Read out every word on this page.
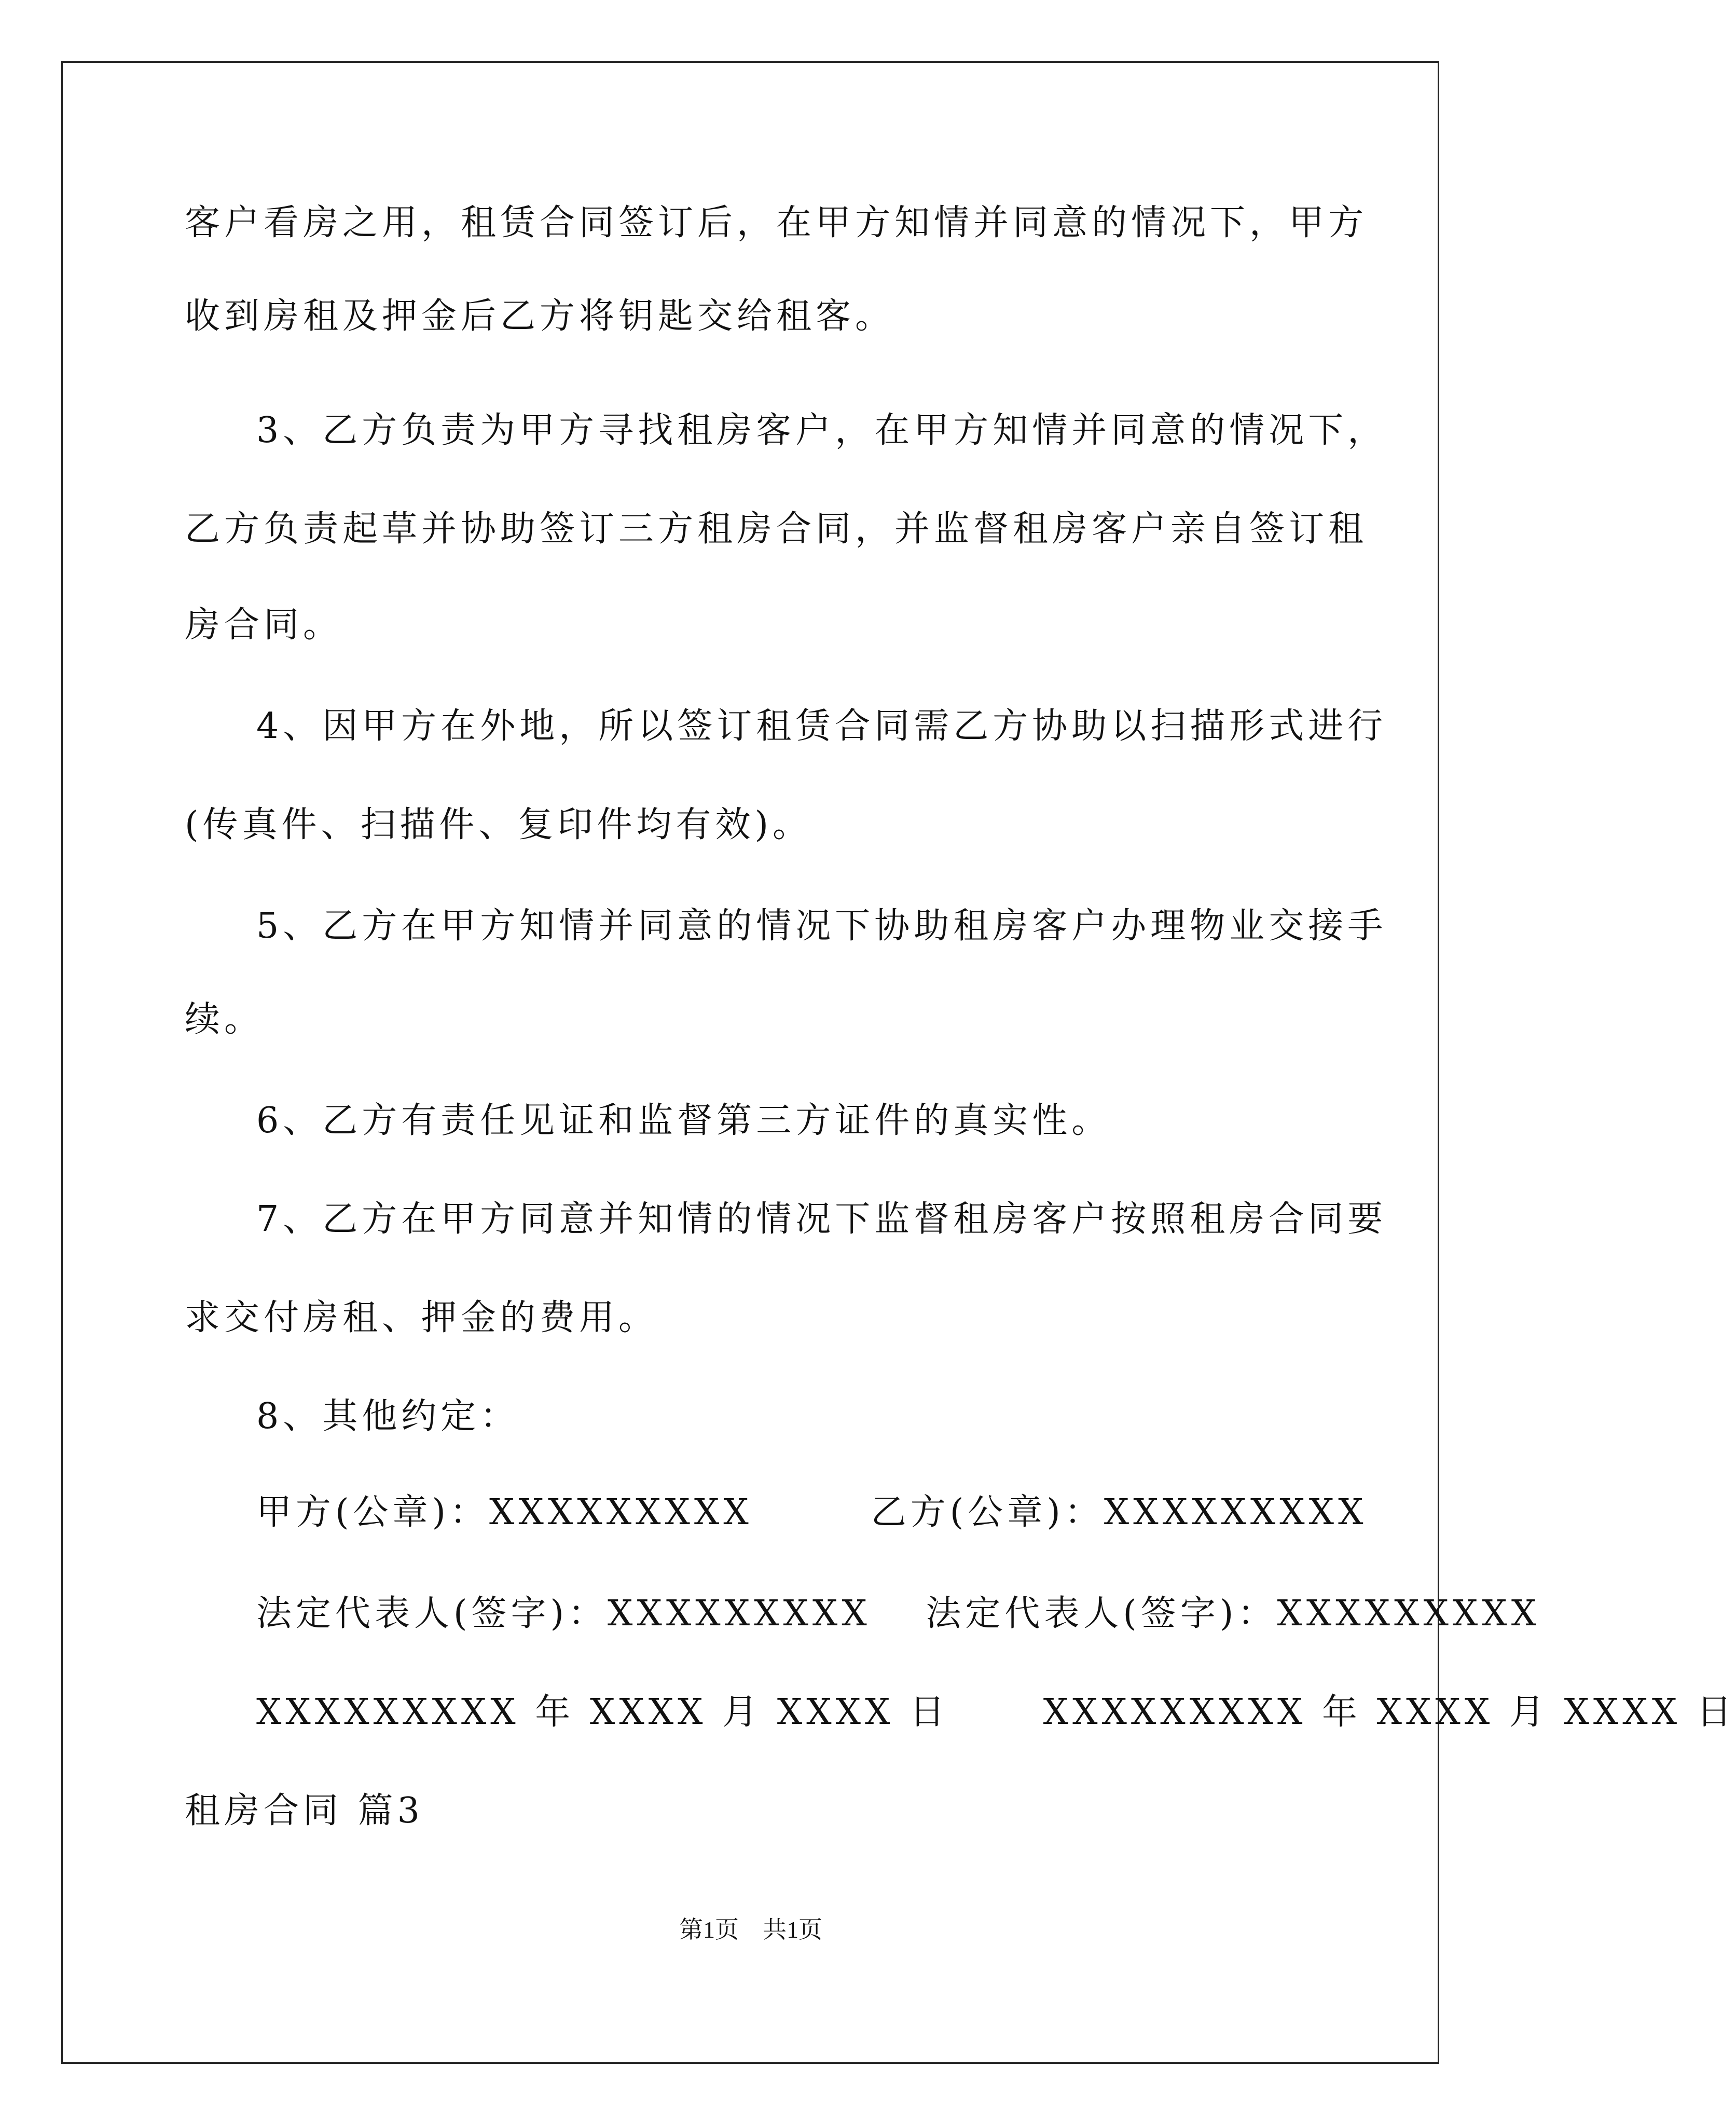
客户看房之用，租赁合同签订后，在甲方知情并同意的情况下，甲方
收到房租及押金后乙方将钥匙交给租客。
3、乙方负责为甲方寻找租房客户，在甲方知情并同意的情况下，
乙方负责起草并协助签订三方租房合同，并监督租房客户亲自签订租
房合同。
4、因甲方在外地，所以签订租赁合同需乙方协助以扫描形式进行
(传真件、扫描件、复印件均有效)。
5、乙方在甲方知情并同意的情况下协助租房客户办理物业交接手
续。
6、乙方有责任见证和监督第三方证件的真实性。
7、乙方在甲方同意并知情的情况下监督租房客户按照租房合同要
求交付房租、押金的费用。
8、其他约定：
甲方(公章)：XXXXXXXXX　　　乙方(公章)：XXXXXXXXX
法定代表人(签字)：XXXXXXXXX　 法定代表人(签字)：XXXXXXXXX
XXXXXXXXX 年 XXXX 月 XXXX 日　　 XXXXXXXXX 年 XXXX 月 XXXX 日
租房合同 篇3
第1页　共1页
